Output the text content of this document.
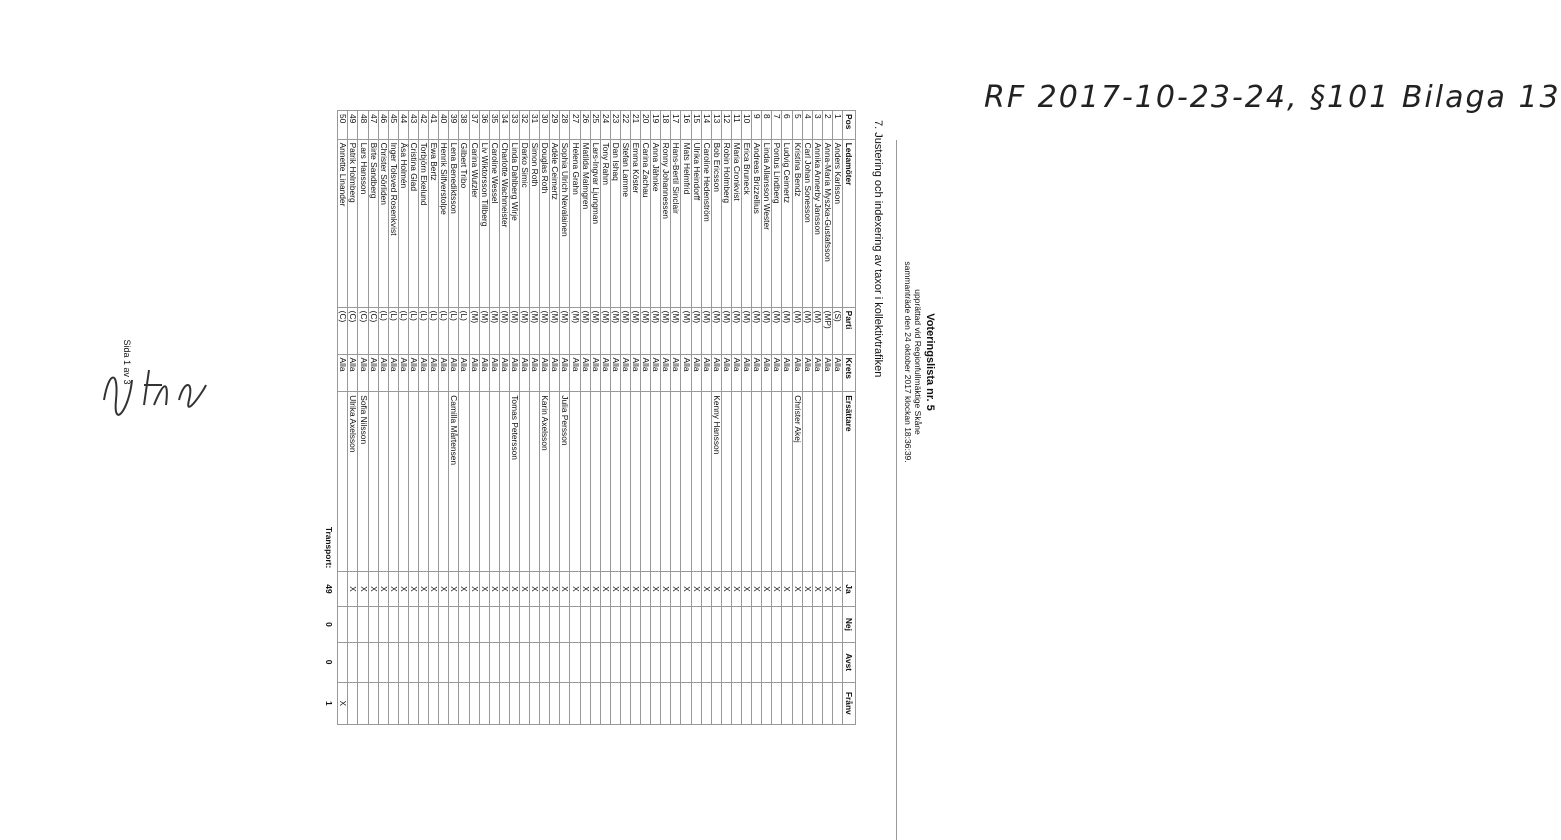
RF 2017-10-23-24, §101 Bilaga 13
Voteringslista nr. 5
upprättad vid Regionfullmäktige Skåne
sammanträde den 24 oktober 2017 klockan 18:36:39.
7. Justering och indexering av taxor i kollektivtrafiken
Pos	Ledamöter	Parti	Krets	Ersättare	Ja	Nej	Avst	Frånv
1	Anders Karlsson	(S)	Alla		X			
2	Anna-Maria Myszka-Gustafsson	(MP)	Alla		X			
3	Annika Annerby Jansson	(M)	Alla		X			
4	Carl Johan Sonesson	(M)	Alla		X			
5	Kristina Bendz	(M)	Alla	Christer Akej	X			
6	Ludvig Ceimertz	(M)	Alla		X			
7	Pontus Lindberg	(M)	Alla		X			
8	Linda Allansson Wester	(M)	Alla		X			
9	Andreas Brizzellius	(M)	Alla		X			
10	Erica Bruneck	(M)	Alla		X			
11	Maria Cronkvist	(M)	Alla		X			
12	Robin Holmberg	(M)	Alla		X			
13	Bob Ericsson	(M)	Alla	Kenny Hansson	X			
14	Caroline Hedenström	(M)	Alla		X			
15	Ulrika Heindorff	(M)	Alla		X			
16	Mats Helmfrid	(M)	Alla		X			
17	Hans-Bertil Sinclair	(M)	Alla		X			
18	Ronny Johannessen	(M)	Alla		X			
19	Anna Jähnke	(M)	Alla		X			
20	Carina Zachau	(M)	Alla		X			
21	Emma Köster	(M)	Alla		X			
22	Stefan Lamme	(M)	Alla		X			
23	Dan Ishaq	(M)	Alla		X			
24	Tony Rahm	(M)	Alla		X			
25	Lars-Ingvar Ljungman	(M)	Alla		X			
26	Matilda Malmgren	(M)	Alla		X			
27	Helena Grahn	(M)	Alla		X			
28	Sophia Ulrich Nevalainen	(M)	Alla	Julia Persson	X			
29	Adèle Ceimertz	(M)	Alla		X			
30	Douglas Roth	(M)	Alla	Karin Axelsson	X			
31	Simon Roth	(M)	Alla		X			
32	Darko Simic	(M)	Alla		X			
33	Linda Dahlberg Wirje	(M)	Alla	Tomas Petersson	X			
34	Charlotte Wachmeister	(M)	Alla		X			
35	Caroline Wessel	(M)	Alla		X			
36	Liv Wiktorsson Tillberg	(M)	Alla		X			
37	Carina Wutzler	(M)	Alla		X			
38	Gilbert Tribo	(L)	Alla		X			
39	Lena Benediktsson	(L)	Alla	Camilla Mårtensen	X			
40	Henrik Silfverstolpe	(L)	Alla		X			
41	Ewa Bertz	(L)	Alla		X			
42	Torbjörn Ekelund	(L)	Alla		X			
43	Cristina Glad	(L)	Alla		X			
44	Åsa Holmén	(L)	Alla		X			
45	Inger Tolsved Rosenkvist	(L)	Alla		X			
46	Christer Sörliden	(L)	Alla		X			
47	Birte Sandberg	(C)	Alla		X			
48	Lars Hansson	(C)	Alla	Sofia Nilsson	X			
49	Patrik Holmberg	(C)	Alla	Ulrika Axelsson	X			
50	Annette Linander	(C)	Alla					X
Transport:					49	0	0	1
Sida 1 av 3
